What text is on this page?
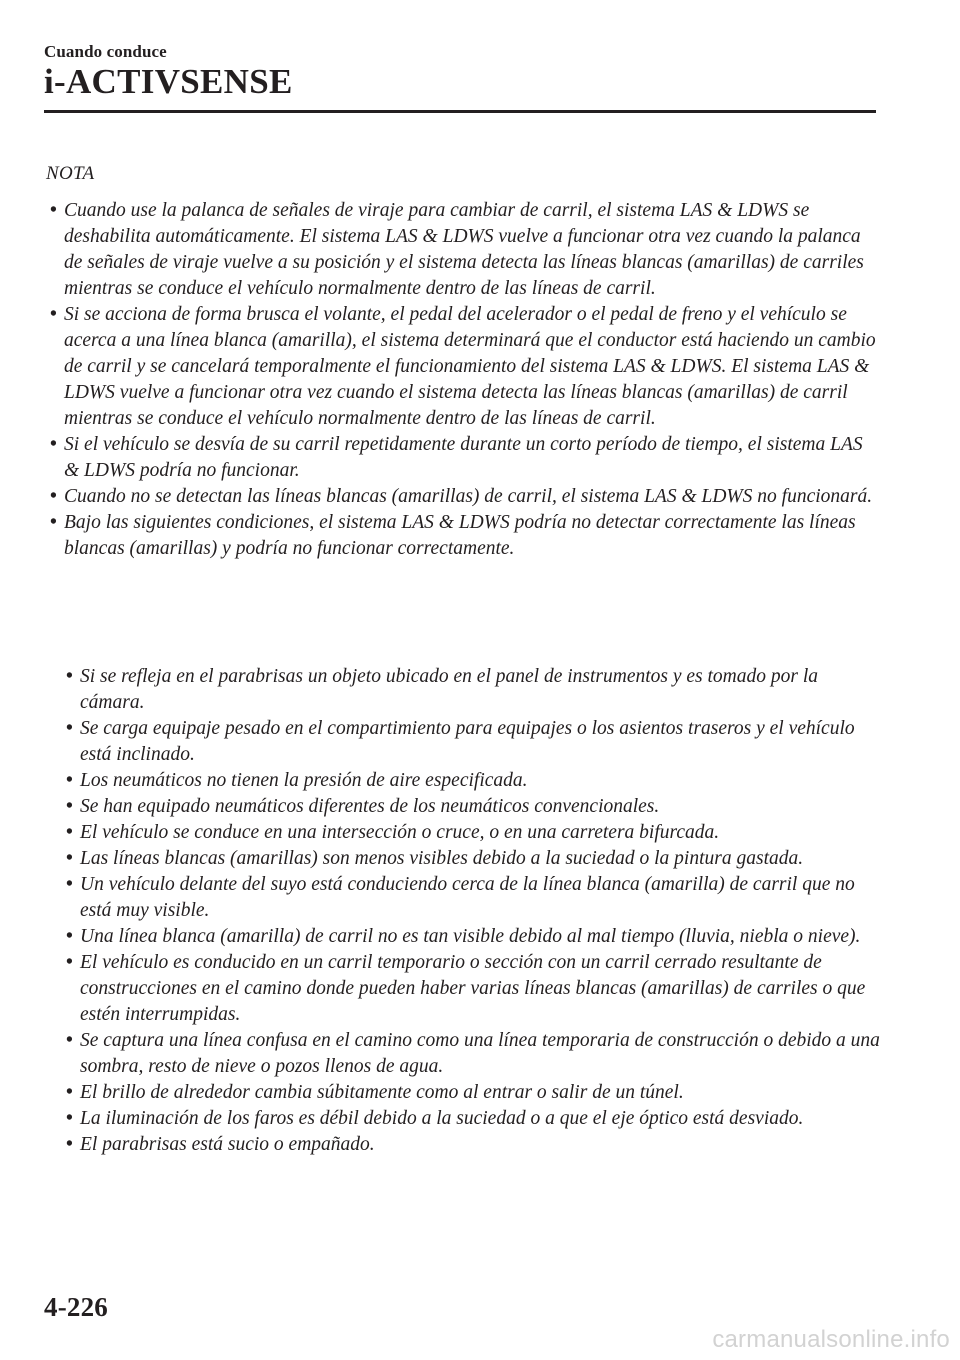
Cuando conduce
i-ACTIVSENSE
NOTA
• Cuando use la palanca de señales de viraje para cambiar de carril, el sistema LAS & LDWS se deshabilita automáticamente. El sistema LAS & LDWS vuelve a funcionar otra vez cuando la palanca de señales de viraje vuelve a su posición y el sistema detecta las líneas blancas (amarillas) de carriles mientras se conduce el vehículo normalmente dentro de las líneas de carril.
• Si se acciona de forma brusca el volante, el pedal del acelerador o el pedal de freno y el vehículo se acerca a una línea blanca (amarilla), el sistema determinará que el conductor está haciendo un cambio de carril y se cancelará temporalmente el funcionamiento del sistema LAS & LDWS. El sistema LAS & LDWS vuelve a funcionar otra vez cuando el sistema detecta las líneas blancas (amarillas) de carril mientras se conduce el vehículo normalmente dentro de las líneas de carril.
• Si el vehículo se desvía de su carril repetidamente durante un corto período de tiempo, el sistema LAS & LDWS podría no funcionar.
• Cuando no se detectan las líneas blancas (amarillas) de carril, el sistema LAS & LDWS no funcionará.
• Bajo las siguientes condiciones, el sistema LAS & LDWS podría no detectar correctamente las líneas blancas (amarillas) y podría no funcionar correctamente.
• Si se refleja en el parabrisas un objeto ubicado en el panel de instrumentos y es tomado por la cámara.
• Se carga equipaje pesado en el compartimiento para equipajes o los asientos traseros y el vehículo está inclinado.
• Los neumáticos no tienen la presión de aire especificada.
• Se han equipado neumáticos diferentes de los neumáticos convencionales.
• El vehículo se conduce en una intersección o cruce, o en una carretera bifurcada.
• Las líneas blancas (amarillas) son menos visibles debido a la suciedad o la pintura gastada.
• Un vehículo delante del suyo está conduciendo cerca de la línea blanca (amarilla) de carril que no está muy visible.
• Una línea blanca (amarilla) de carril no es tan visible debido al mal tiempo (lluvia, niebla o nieve).
• El vehículo es conducido en un carril temporario o sección con un carril cerrado resultante de construcciones en el camino donde pueden haber varias líneas blancas (amarillas) de carriles o que estén interrumpidas.
• Se captura una línea confusa en el camino como una línea temporaria de construcción o debido a una sombra, resto de nieve o pozos llenos de agua.
• El brillo de alrededor cambia súbitamente como al entrar o salir de un túnel.
• La iluminación de los faros es débil debido a la suciedad o a que el eje óptico está desviado.
• El parabrisas está sucio o empañado.
4-226
carmanualsonline.info
